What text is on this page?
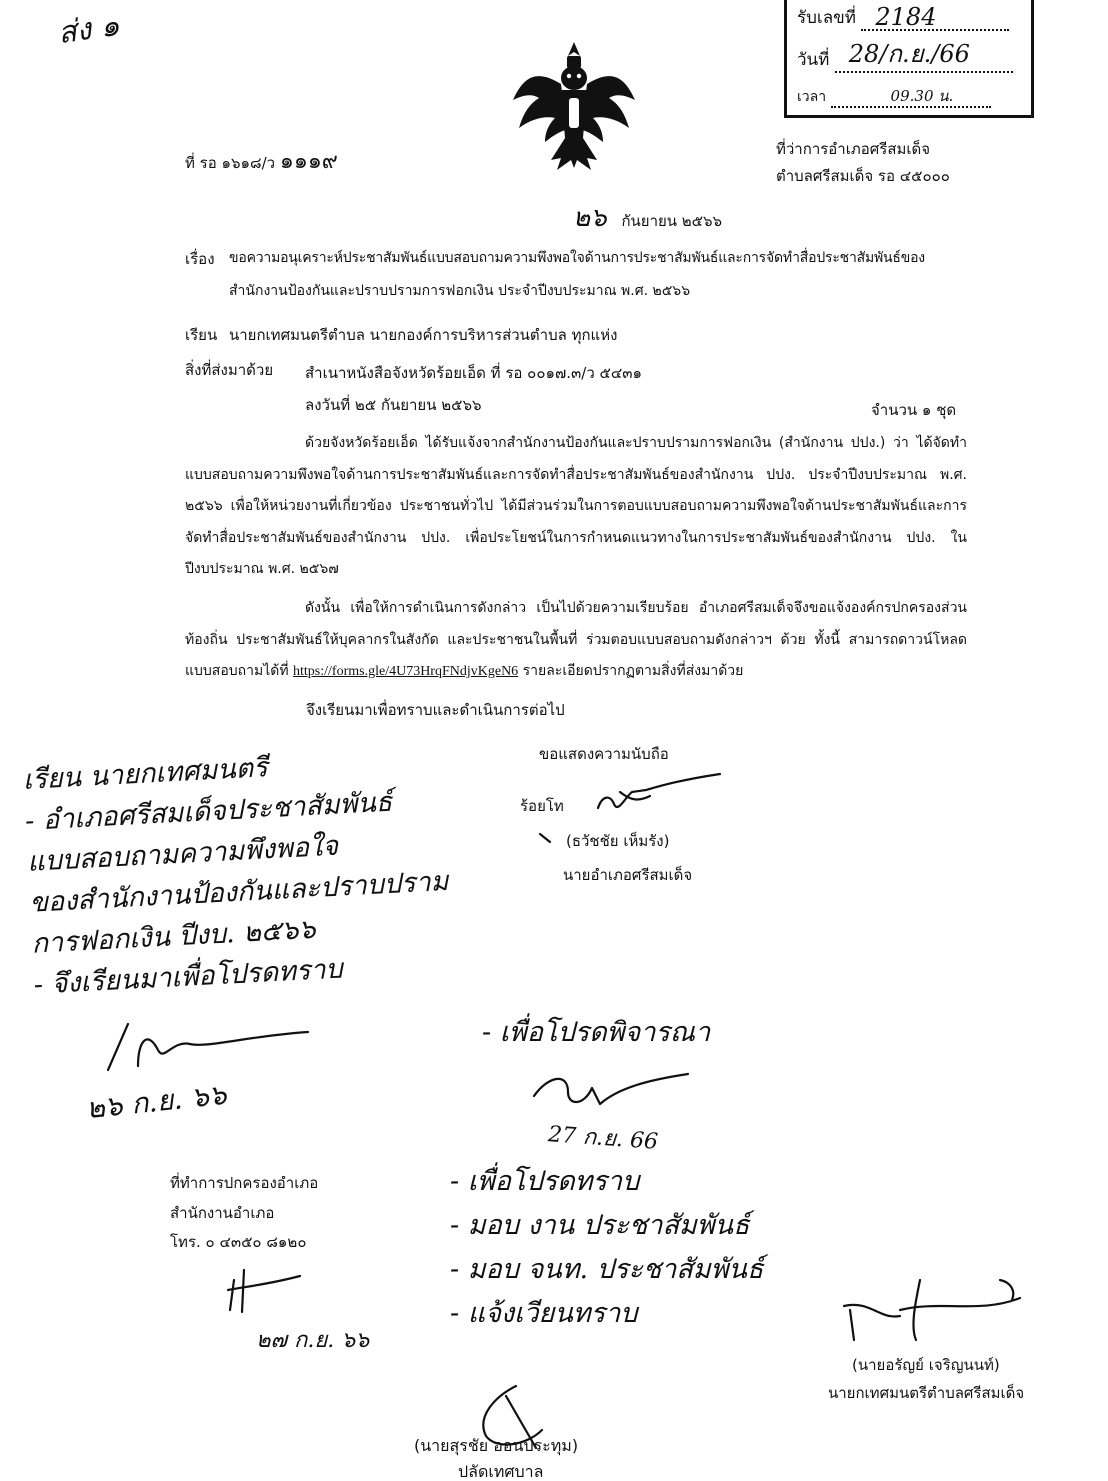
ส่ง ๑	รับเลขที่ 2184
วันที่ 28/ก.ย./66
เวลา	09.30 น.
ที่ รอ ๑๖๑๘/ว ๑๑๑๙	ที่ว่าการอำเภอศรีสมเด็จ
ตำบลศรีสมเด็จ รอ ๔๕๐๐๐
๒๖ กันยายน ๒๕๖๖
เรื่อง ขอความอนุเคราะห์ประชาสัมพันธ์แบบสอบถามความพึงพอใจด้านการประชาสัมพันธ์และการจัดทำสื่อประชาสัมพันธ์ของ
สำนักงานป้องกันและปราบปรามการฟอกเงิน ประจำปีงบประมาณ พ.ศ. ๒๕๖๖
เรียน นายกเทศมนตรีตำบล นายกองค์การบริหารส่วนตำบล ทุกแห่ง
สิ่งที่ส่งมาด้วย สำเนาหนังสือจังหวัดร้อยเอ็ด ที่ รอ ๐๐๑๗.๓/ว ๕๔๓๑
ลงวันที่ ๒๕ กันยายน ๒๕๖๖	จำนวน ๑ ชุด
ด้วยจังหวัดร้อยเอ็ด ได้รับแจ้งจากสำนักงานป้องกันและปราบปรามการฟอกเงิน (สำนักงาน ปปง.) ว่า ได้จัดทำแบบสอบถามความพึงพอใจด้านการประชาสัมพันธ์และการจัดทำสื่อประชาสัมพันธ์ของสำนักงาน ปปง. ประจำปีงบประมาณ พ.ศ. ๒๕๖๖ เพื่อให้หน่วยงานที่เกี่ยวข้อง ประชาชนทั่วไป ได้มีส่วนร่วมในการตอบแบบสอบถามความพึงพอใจด้านประชาสัมพันธ์และการจัดทำสื่อประชาสัมพันธ์ของสำนักงาน ปปง. เพื่อประโยชน์ในการกำหนดแนวทางในการประชาสัมพันธ์ของสำนักงาน ปปง. ในปีงบประมาณ พ.ศ. ๒๕๖๗
ดังนั้น เพื่อให้การดำเนินการดังกล่าว เป็นไปด้วยความเรียบร้อย อำเภอศรีสมเด็จจึงขอแจ้งองค์กรปกครองส่วนท้องถิ่น ประชาสัมพันธ์ให้บุคลากรในสังกัด และประชาชนในพื้นที่ ร่วมตอบแบบสอบถามดังกล่าวฯ ด้วย ทั้งนี้ สามารถดาวน์โหลดแบบสอบถามได้ที่ https://forms.gle/4U73HrqFNdjvKgeN6 รายละเอียดปรากฏตามสิ่งที่ส่งมาด้วย
จึงเรียนมาเพื่อทราบและดำเนินการต่อไป
ขอแสดงความนับถือ
ร้อยโท
(ธวัชชัย เห็มรัง)
นายอำเภอศรีสมเด็จ
เรียน นายกเทศมนตรี
- อำเภอศรีสมเด็จประชาสัมพันธ์
แบบสอบถามความพึงพอใจ
ของสำนักงานป้องกันและปราบปราม
การฟอกเงิน ปีงบ. ๒๕๖๖
- จึงเรียนมาเพื่อโปรดทราบ
๒๖ ก.ย. ๖๖
- เพื่อโปรดพิจารณา
27 ก.ย. 66
ที่ทำการปกครองอำเภอ
สำนักงานอำเภอ
โทร. ๐ ๔๓๕๐ ๘๑๒๐
๒๗ ก.ย. ๖๖
- เพื่อโปรดทราบ
- มอบ งาน ประชาสัมพันธ์
- มอบ จนท. ประชาสัมพันธ์
- แจ้งเวียนทราบ
(นายอรัญย์ เจริญนนท์)
นายกเทศมนตรีตำบลศรีสมเด็จ
(นายสุรชัย ออนประทุม)
ปลัดเทศบาล
